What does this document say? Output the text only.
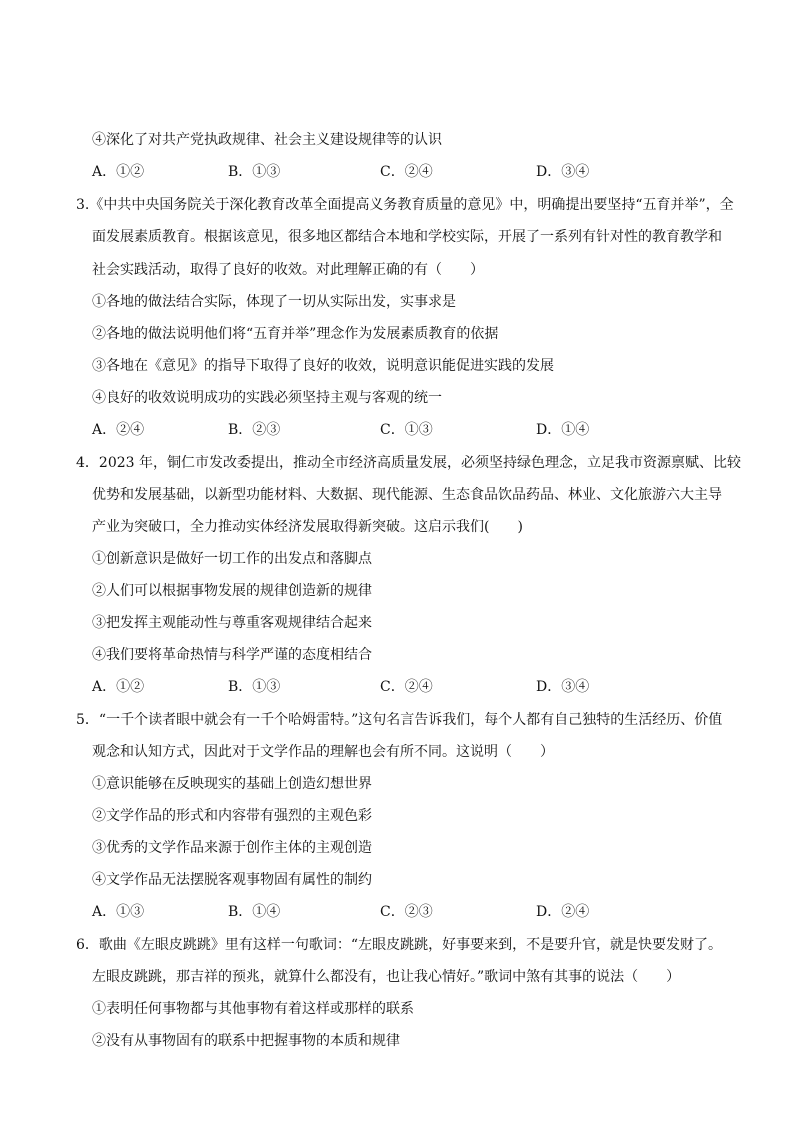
④深化了对共产党执政规律、社会主义建设规律等的认识
A．①②	B．①③	C．②④	D．③④
3.《中共中央国务院关于深化教育改革全面提高义务教育质量的意见》中，明确提出要坚持“五育并举”，全
面发展素质教育。根据该意见，很多地区都结合本地和学校实际，开展了一系列有针对性的教育教学和
社会实践活动，取得了良好的收效。对此理解正确的有（　　）
①各地的做法结合实际，体现了一切从实际出发，实事求是
②各地的做法说明他们将“五育并举”理念作为发展素质教育的依据
③各地在《意见》的指导下取得了良好的收效，说明意识能促进实践的发展
④良好的收效说明成功的实践必须坚持主观与客观的统一
A．②④	B．②③	C．①③	D．①④
4．2023 年，铜仁市发改委提出，推动全市经济高质量发展，必须坚持绿色理念，立足我市资源禀赋、比较
优势和发展基础，以新型功能材料、大数据、现代能源、生态食品饮品药品、林业、文化旅游六大主导
产业为突破口，全力推动实体经济发展取得新突破。这启示我们(　　)
①创新意识是做好一切工作的出发点和落脚点
②人们可以根据事物发展的规律创造新的规律
③把发挥主观能动性与尊重客观规律结合起来
④我们要将革命热情与科学严谨的态度相结合
A．①②	B．①③	C．②④	D．③④
5．“一千个读者眼中就会有一千个哈姆雷特。”这句名言告诉我们，每个人都有自己独特的生活经历、价值
观念和认知方式，因此对于文学作品的理解也会有所不同。这说明（　　）
①意识能够在反映现实的基础上创造幻想世界
②文学作品的形式和内容带有强烈的主观色彩
③优秀的文学作品来源于创作主体的主观创造
④文学作品无法摆脱客观事物固有属性的制约
A．①③	B．①④	C．②③	D．②④
6．歌曲《左眼皮跳跳》里有这样一句歌词：“左眼皮跳跳，好事要来到，不是要升官，就是快要发财了。
左眼皮跳跳，那吉祥的预兆，就算什么都没有，也让我心情好。”歌词中煞有其事的说法（　　）
①表明任何事物都与其他事物有着这样或那样的联系
②没有从事物固有的联系中把握事物的本质和规律
